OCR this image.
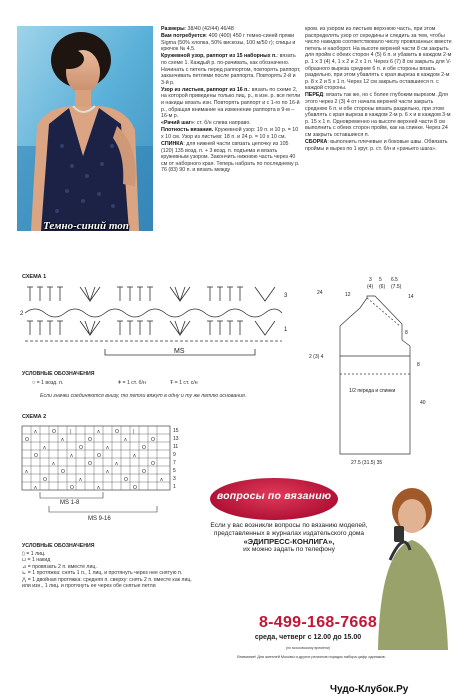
Темно-синий топ

Размеры: 38/40 (42/44) 46/48

Вам потребуется: 400 (400) 450 г темно-синей пряжи Sigma (50% хлопка, 50% вискозы, 100 м/50 г); спицы и крючок № 4.5.

Кружевной узор, раппорт из 15 наборных п.: вязать по схеме 1. Каждый р. по-рачивать, как обозначено. Начинать с петель перед раппортом, повторять раппорт, заканчивать петлями после раппорта. Повторять 2-й и 3-й р.

Узор из листьев, раппорт из 16 п.: вязать по схеме 2, на которой приведены только лиц. р., в изн. р. все петли и накиды вязать изн. Повторять раппорт и с 1-го по 16-й р., обращая внимание на изменение раппорта в 9-м – 16-м р.

«Рачий шаг»: ст. б/н слева направо.

Плотность вязания. Кружевной узор: 19 п. и 10 р. = 10 х 10 см. Узор из листьев: 18 п. и 24 р. = 10 х 10 см.

СПИНКА: для нижней части связать цепочку из 105 (120) 135 возд. п. + 3 возд. п. подъема и вязать кружевным узором. Закончить нижнюю часть через 40 см от наборного края. Теперь набрать по последнему р. 76 (83) 90 п. и вязать между

кром. из узором из листьев верхнюю часть, при этом распределять узор от середины и следить за тем, чтобы число накидов соответствовало числу провязанных вместе петель и наоборот. На высоте верхней части 8 см закрыть для пройм с обеих сторон 4 (5) 6 п. и убавить в каждом 2-м р. 1 х 3 (4) 4, 1 х 2 и 2 х 1 п. Через 6 (7) 8 см закрыть для V-образного выреза средние 6 п. и обе стороны вязать раздельно, при этом убавлять с края выреза в каждом 2-м р. 8 х 2 и 5 х 1 п. Через 12 см закрыть оставшиеся п. с каждой стороны.

ПЕРЕД: вязать так же, но с более глубоким вырезом. Для этого через 2 (3) 4 от начала верхней части закрыть среднюю 6 п. и обе стороны вязать раздельно, при этом убавлять с края выреза в каждом 2-м р. 6 х и в каждом 3-м р. 15 х 1 п. Одновременно на высоте верхней части 8 см выполнить с обеих сторон пройм, как на спинке. Через 24 см закрыть оставшиеся п.

СБОРКА: выполнить плечевые и боковые швы. Обвязать проймы и вырез по 1 круг. р. ст. б/н и «рачьего шага».

СХЕМА 1
3
2
1
MS
УСЛОВНЫЕ ОБОЗНАЧЕНИЯ
○ = 1 возд. п.	ǂ = 1 ст. б/н	Ŧ = 1 ст. с/н
Если значки соединяются внизу, то петли вяжут в одну и ту же петлю основания.
3 5 6.5
(4) (6) (7.5)
12
24
14
2 (3) 4
8
40
8
1/2 переда и спинки
27.5 (31.5) 35
СХЕМА 2
ʌ	O	|	ʌ	O	|
O	ʌ	O	ʌ	O
ʌ	O	ʌ	O
O	ʌ	O	ʌ
ʌ	O	ʌ	O
ʌ	O	ʌ	O
O	ʌ	O	ʌ
ʌ	O	ʌ	O
15
13
11
9
7
5
3
1
MS 1-8
MS 9-16
УСЛОВНЫЕ ОБОЗНАЧЕНИЯ
▯ = 1 лиц.
⊔ = 1 накид
⊿ = провязать 2 п. вместе лиц.
⊾ = 1 протяжка: снять 1 п., 1 лиц. и протянуть через нее снятую п.
⋀ = 1 двойная протяжка: средняя п. сверху: снять 2 п. вместе как лиц. или изн., 1 лиц. и протянуть ее через обе снятые петли
вопросы по вязанию
Если у вас возникли вопросы по вязанию моделей, представленных в журналах издательского дома
«ЭДИПРЕСС-КОНЛИГА»,
их можно задать по телефону
8-499-168-7668
среда, четверг с 12.00 до 15.00
(по московскому времени)
Внимание! Для жителей Москвы и других регионов порядок набора цифр одинаков.
Чудо-Клубок.Ру
